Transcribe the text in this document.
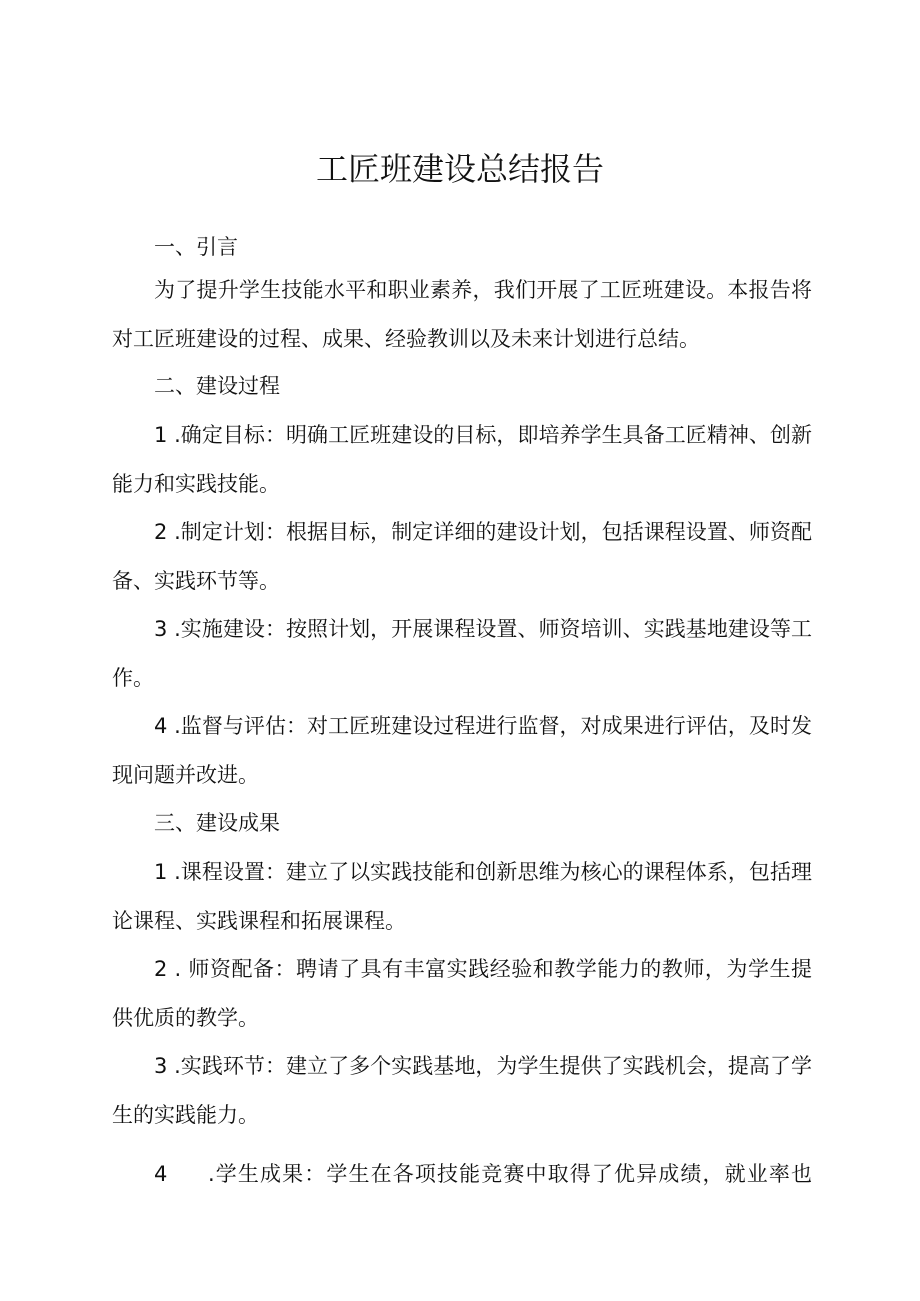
工匠班建设总结报告

一、引言

为了提升学生技能水平和职业素养，我们开展了工匠班建设。本报告将对工匠班建设的过程、成果、经验教训以及未来计划进行总结。

二、建设过程

1 .确定目标：明确工匠班建设的目标，即培养学生具备工匠精神、创新能力和实践技能。

2 .制定计划：根据目标，制定详细的建设计划，包括课程设置、师资配备、实践环节等。

3 .实施建设：按照计划，开展课程设置、师资培训、实践基地建设等工作。

4 .监督与评估：对工匠班建设过程进行监督，对成果进行评估，及时发现问题并改进。

三、建设成果

1 .课程设置：建立了以实践技能和创新思维为核心的课程体系，包括理论课程、实践课程和拓展课程。

2 . 师资配备：聘请了具有丰富实践经验和教学能力的教师，为学生提供优质的教学。

3 .实践环节：建立了多个实践基地，为学生提供了实践机会，提高了学生的实践能力。

4 .学生成果：学生在各项技能竞赛中取得了优异成绩，就业率也
